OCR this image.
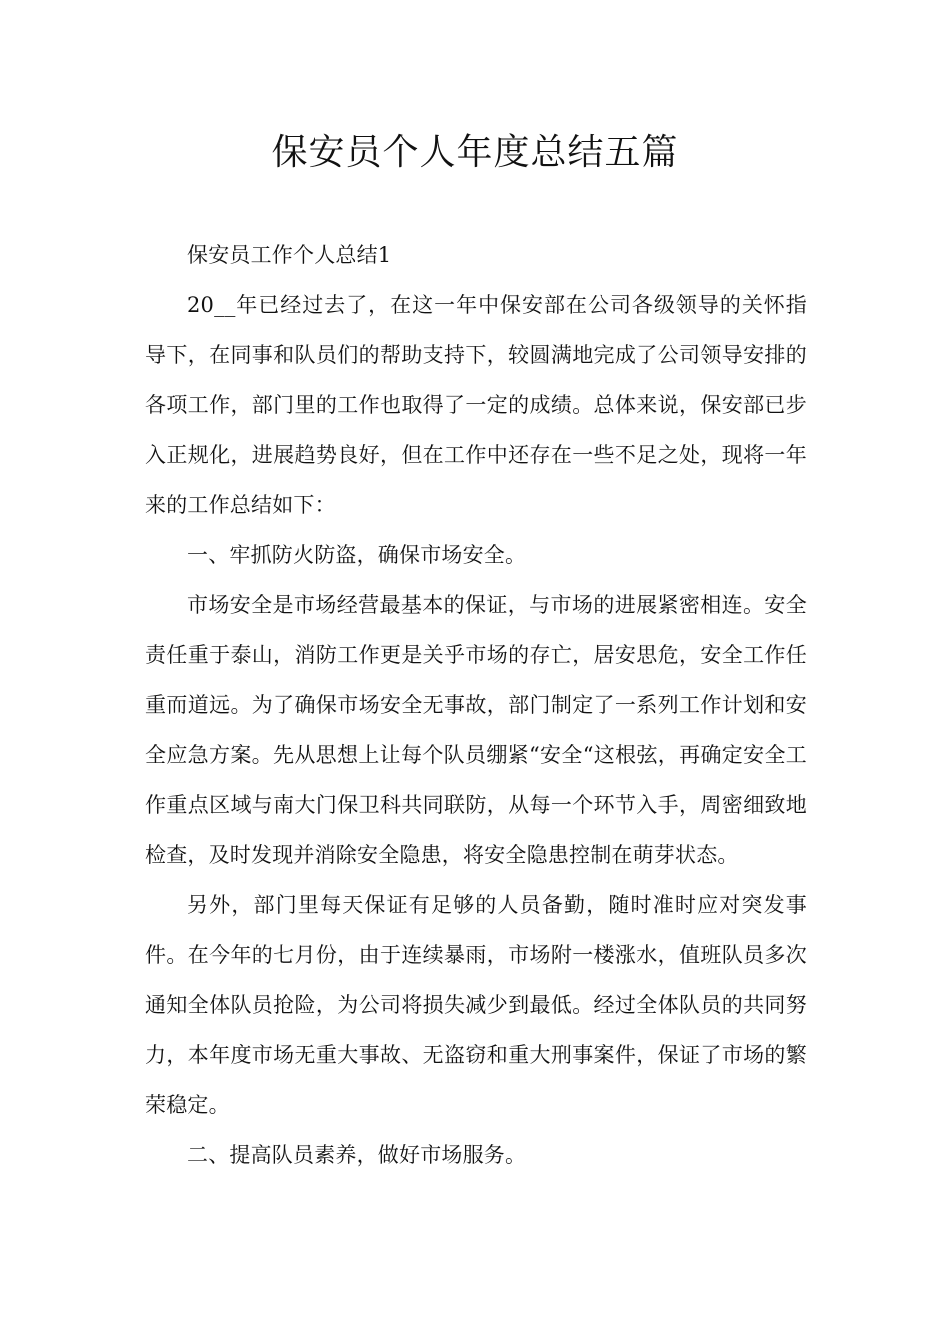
保安员个人年度总结五篇

保安员工作个人总结1

20__年已经过去了，在这一年中保安部在公司各级领导的关怀指导下，在同事和队员们的帮助支持下，较圆满地完成了公司领导安排的各项工作，部门里的工作也取得了一定的成绩。总体来说，保安部已步入正规化，进展趋势良好，但在工作中还存在一些不足之处，现将一年来的工作总结如下：

一、牢抓防火防盗，确保市场安全。

市场安全是市场经营最基本的保证，与市场的进展紧密相连。安全责任重于泰山，消防工作更是关乎市场的存亡，居安思危，安全工作任重而道远。为了确保市场安全无事故，部门制定了一系列工作计划和安全应急方案。先从思想上让每个队员绷紧“安全“这根弦，再确定安全工作重点区域与南大门保卫科共同联防，从每一个环节入手，周密细致地检查，及时发现并消除安全隐患，将安全隐患控制在萌芽状态。

另外，部门里每天保证有足够的人员备勤，随时准时应对突发事件。在今年的七月份，由于连续暴雨，市场附一楼涨水，值班队员多次通知全体队员抢险，为公司将损失减少到最低。经过全体队员的共同努力，本年度市场无重大事故、无盗窃和重大刑事案件，保证了市场的繁荣稳定。

二、提高队员素养，做好市场服务。
